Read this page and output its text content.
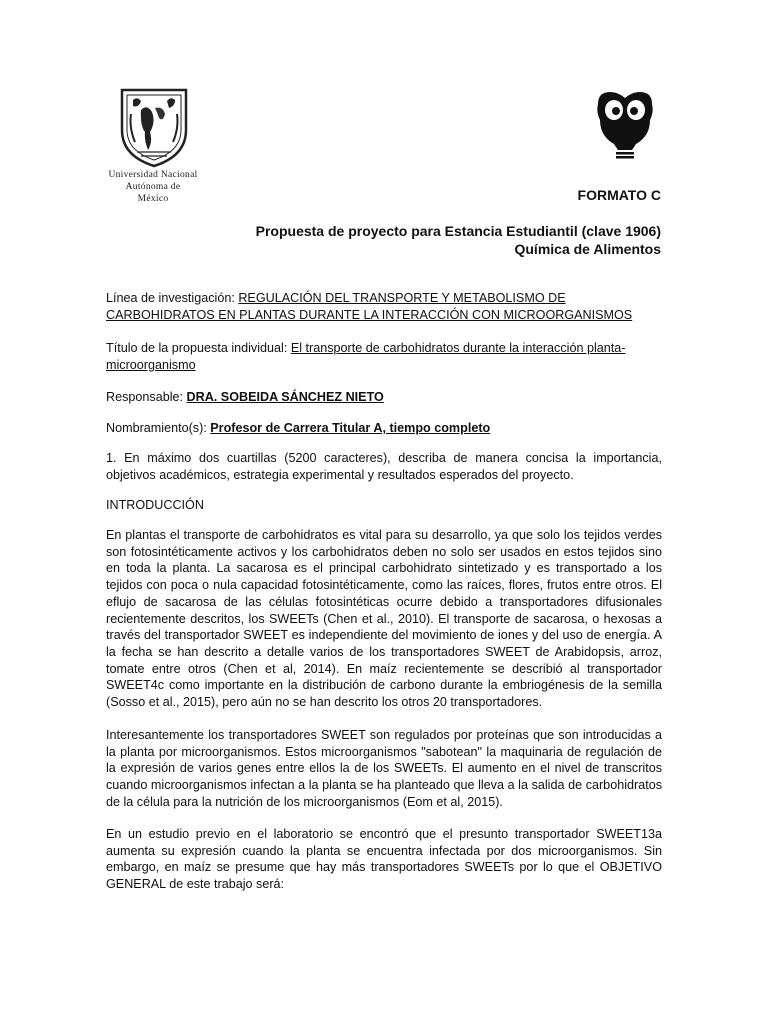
Universidad Nacional
Autónoma de
México	FORMATO C
Propuesta de proyecto para Estancia Estudiantil (clave 1906)
Química de Alimentos
Línea de investigación: REGULACIÓN DEL TRANSPORTE Y METABOLISMO DE CARBOHIDRATOS EN PLANTAS DURANTE LA INTERACCIÓN CON MICROORGANISMOS
Título de la propuesta individual: El transporte de carbohidratos durante la interacción planta-microorganismo
Responsable: DRA. SOBEIDA SÁNCHEZ NIETO
Nombramiento(s): Profesor de Carrera Titular A, tiempo completo
1. En máximo dos cuartillas (5200 caracteres), describa de manera concisa la importancia, objetivos académicos, estrategia experimental y resultados esperados del proyecto.
INTRODUCCIÓN
En plantas el transporte de carbohidratos es vital para su desarrollo, ya que solo los tejidos verdes son fotosintéticamente activos y los carbohidratos deben no solo ser usados en estos tejidos sino en toda la planta. La sacarosa es el principal carbohidrato sintetizado y es transportado a los tejidos con poca o nula capacidad fotosintéticamente, como las raíces, flores, frutos entre otros. El eflujo de sacarosa de las células fotosintéticas ocurre debido a transportadores difusionales recientemente descritos, los SWEETs (Chen et al., 2010). El transporte de sacarosa, o hexosas a través del transportador SWEET es independiente del movimiento de iones y del uso de energía. A la fecha se han descrito a detalle varios de los transportadores SWEET de Arabidopsis, arroz, tomate entre otros (Chen et al, 2014). En maíz recientemente se describió al transportador SWEET4c como importante en la distribución de carbono durante la embriogénesis de la semilla (Sosso et al., 2015), pero aún no se han descrito los otros 20 transportadores.
Interesantemente los transportadores SWEET son regulados por proteínas que son introducidas a la planta por microorganismos. Estos microorganismos "sabotean" la maquinaria de regulación de la expresión de varios genes entre ellos la de los SWEETs. El aumento en el nivel de transcritos cuando microorganismos infectan a la planta se ha planteado que lleva a la salida de carbohidratos de la célula para la nutrición de los microorganismos (Eom et al, 2015).
En un estudio previo en el laboratorio se encontró que el presunto transportador SWEET13a aumenta su expresión cuando la planta se encuentra infectada por dos microorganismos. Sin embargo, en maíz se presume que hay más transportadores SWEETs por lo que el OBJETIVO GENERAL de este trabajo será:
